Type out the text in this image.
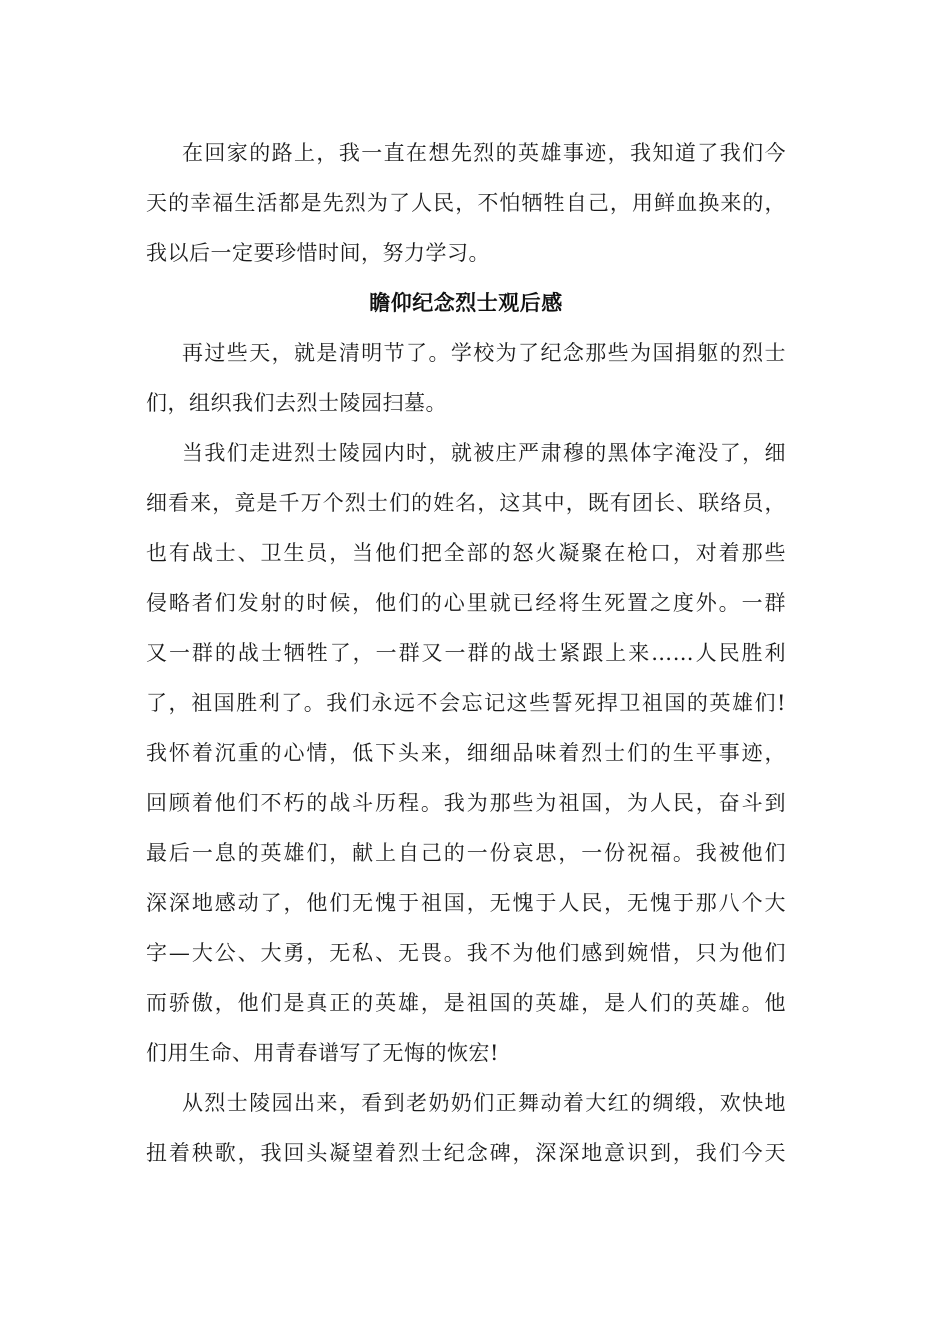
在回家的路上，我一直在想先烈的英雄事迹，我知道了我们今
天的幸福生活都是先烈为了人民，不怕牺牲自己，用鲜血换来的，
我以后一定要珍惜时间，努力学习。
瞻仰纪念烈士观后感
再过些天，就是清明节了。学校为了纪念那些为国捐躯的烈士
们，组织我们去烈士陵园扫墓。
当我们走进烈士陵园内时，就被庄严肃穆的黑体字淹没了，细
细看来，竟是千万个烈士们的姓名，这其中，既有团长、联络员，
也有战士、卫生员，当他们把全部的怒火凝聚在枪口，对着那些
侵略者们发射的时候，他们的心里就已经将生死置之度外。一群
又一群的战士牺牲了，一群又一群的战士紧跟上来……人民胜利
了，祖国胜利了。我们永远不会忘记这些誓死捍卫祖国的英雄们!
我怀着沉重的心情，低下头来，细细品味着烈士们的生平事迹，
回顾着他们不朽的战斗历程。我为那些为祖国，为人民，奋斗到
最后一息的英雄们，献上自己的一份哀思，一份祝福。我被他们
深深地感动了，他们无愧于祖国，无愧于人民，无愧于那八个大
字—大公、大勇，无私、无畏。我不为他们感到婉惜，只为他们
而骄傲，他们是真正的英雄，是祖国的英雄，是人们的英雄。他
们用生命、用青春谱写了无悔的恢宏!
从烈士陵园出来，看到老奶奶们正舞动着大红的绸缎，欢快地
扭着秧歌，我回头凝望着烈士纪念碑，深深地意识到，我们今天
